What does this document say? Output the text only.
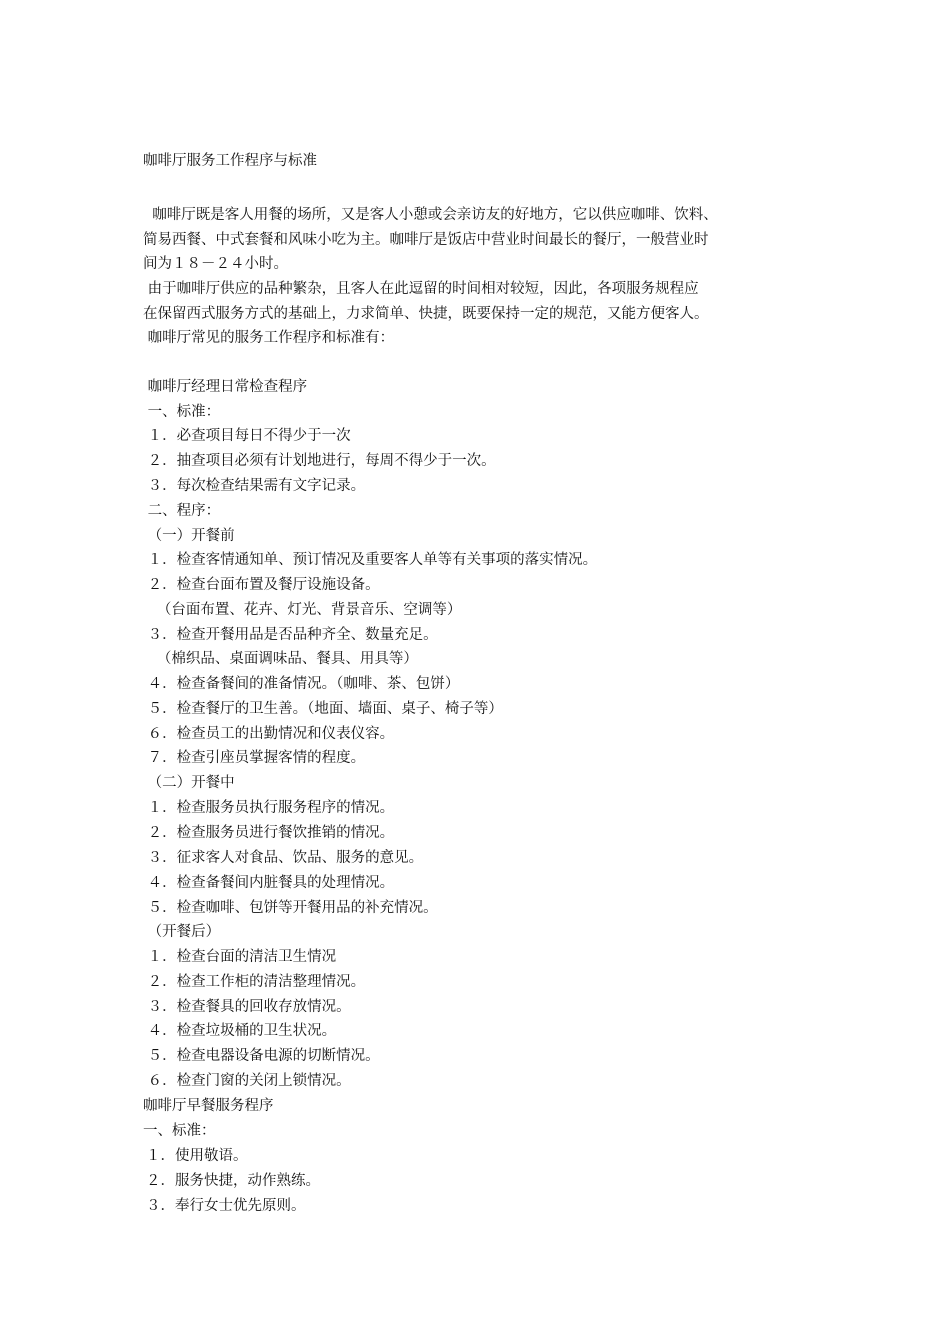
咖啡厅服务工作程序与标准
咖啡厅既是客人用餐的场所，又是客人小憩或会亲访友的好地方，它以供应咖啡、饮料、
简易西餐、中式套餐和风味小吃为主。咖啡厅是饭店中营业时间最长的餐厅，一般营业时
间为１８－２４小时。
由于咖啡厅供应的品种繁杂，且客人在此逗留的时间相对较短，因此，各项服务规程应
在保留西式服务方式的基础上，力求简单、快捷，既要保持一定的规范，又能方便客人。
咖啡厅常见的服务工作程序和标准有：
咖啡厅经理日常检查程序
一、标准：
１．必查项目每日不得少于一次
２．抽查项目必须有计划地进行，每周不得少于一次。
３．每次检查结果需有文字记录。
二、程序：
（一）开餐前
１．检查客情通知单、预订情况及重要客人单等有关事项的落实情况。
２．检查台面布置及餐厅设施设备。
（台面布置、花卉、灯光、背景音乐、空调等）
３．检查开餐用品是否品种齐全、数量充足。
（棉织品、桌面调味品、餐具、用具等）
４．检查备餐间的准备情况。（咖啡、茶、包饼）
５．检查餐厅的卫生善。（地面、墙面、桌子、椅子等）
６．检查员工的出勤情况和仪表仪容。
７．检查引座员掌握客情的程度。
（二）开餐中
１．检查服务员执行服务程序的情况。
２．检查服务员进行餐饮推销的情况。
３．征求客人对食品、饮品、服务的意见。
４．检查备餐间内脏餐具的处理情况。
５．检查咖啡、包饼等开餐用品的补充情况。
（开餐后）
１．检查台面的清洁卫生情况
２．检查工作柜的清洁整理情况。
３．检查餐具的回收存放情况。
４．检查垃圾桶的卫生状况。
５．检查电器设备电源的切断情况。
６．检查门窗的关闭上锁情况。
咖啡厅早餐服务程序
一、标准：
１．使用敬语。
２．服务快捷，动作熟练。
３．奉行女士优先原则。
